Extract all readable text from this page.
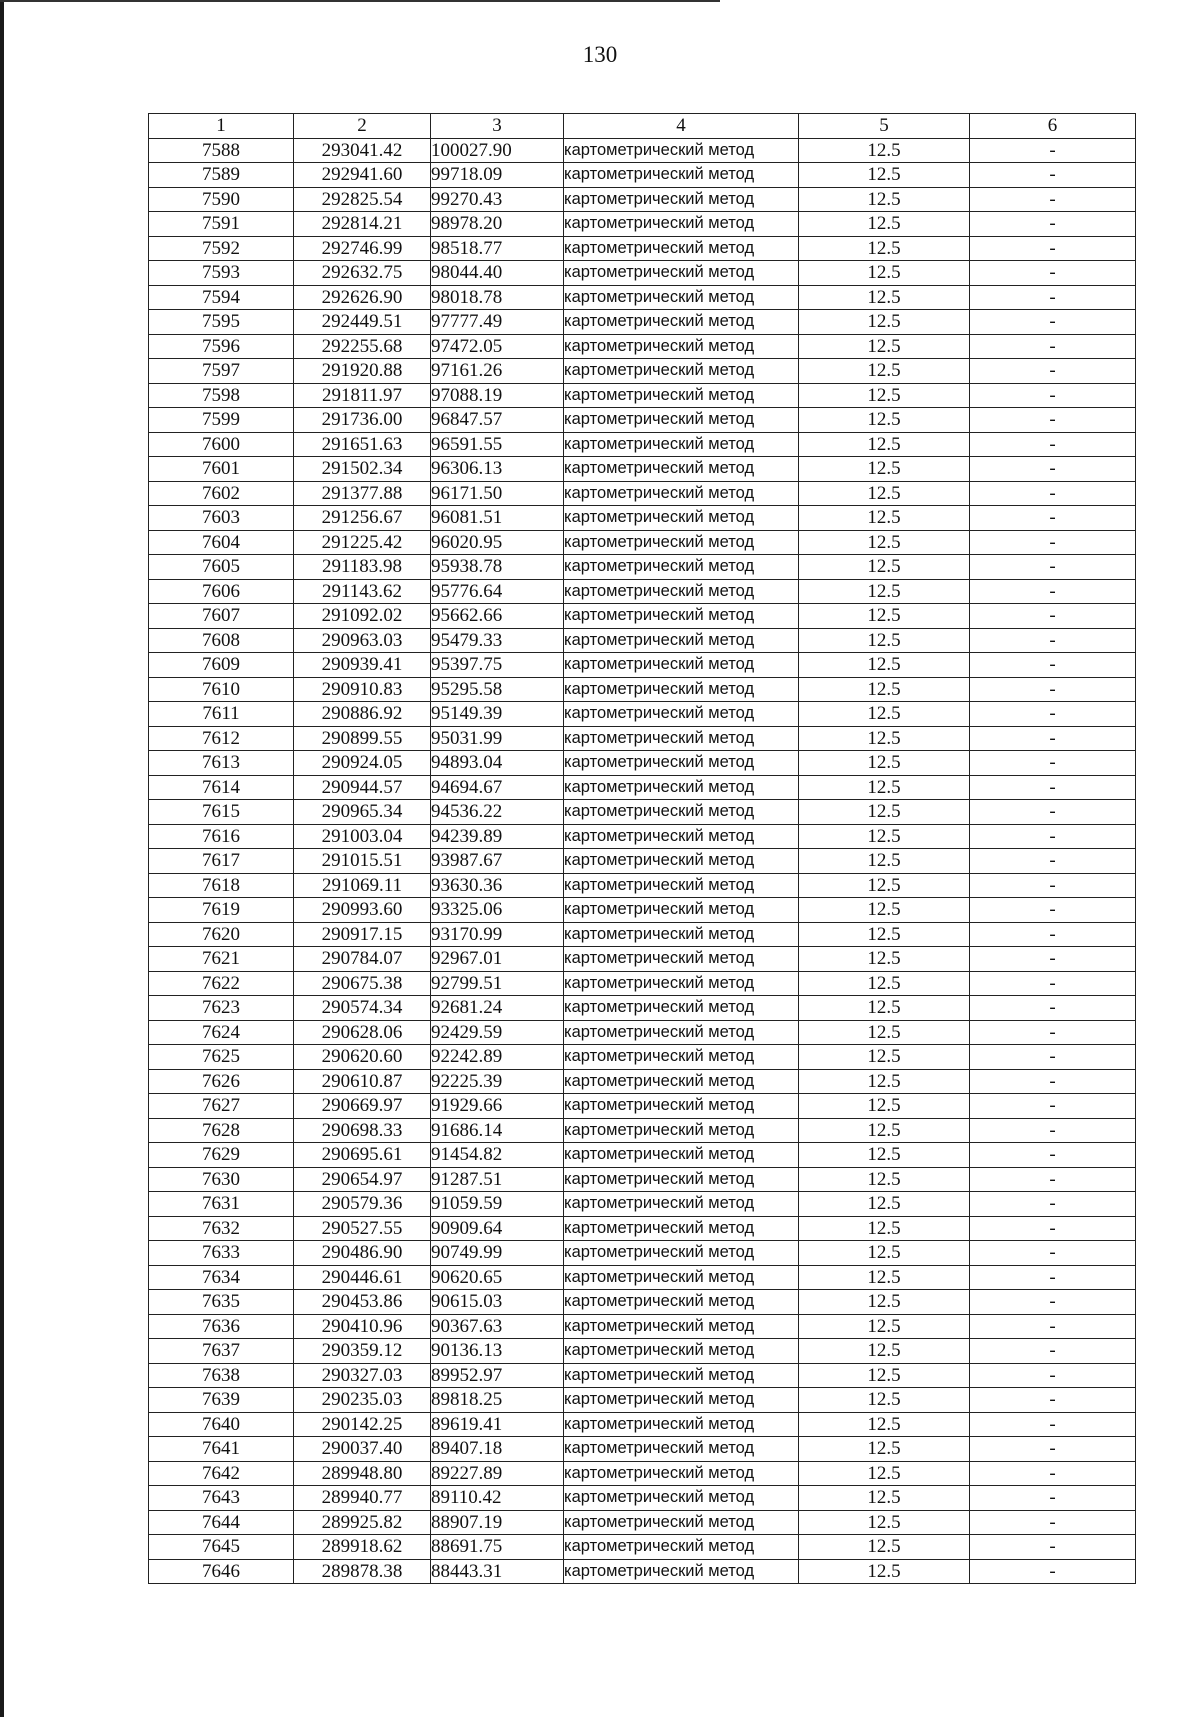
130
1	2	3	4	5	6
7588	293041.42	100027.90	картометрический метод	12.5	-
7589	292941.60	99718.09	картометрический метод	12.5	-
7590	292825.54	99270.43	картометрический метод	12.5	-
7591	292814.21	98978.20	картометрический метод	12.5	-
7592	292746.99	98518.77	картометрический метод	12.5	-
7593	292632.75	98044.40	картометрический метод	12.5	-
7594	292626.90	98018.78	картометрический метод	12.5	-
7595	292449.51	97777.49	картометрический метод	12.5	-
7596	292255.68	97472.05	картометрический метод	12.5	-
7597	291920.88	97161.26	картометрический метод	12.5	-
7598	291811.97	97088.19	картометрический метод	12.5	-
7599	291736.00	96847.57	картометрический метод	12.5	-
7600	291651.63	96591.55	картометрический метод	12.5	-
7601	291502.34	96306.13	картометрический метод	12.5	-
7602	291377.88	96171.50	картометрический метод	12.5	-
7603	291256.67	96081.51	картометрический метод	12.5	-
7604	291225.42	96020.95	картометрический метод	12.5	-
7605	291183.98	95938.78	картометрический метод	12.5	-
7606	291143.62	95776.64	картометрический метод	12.5	-
7607	291092.02	95662.66	картометрический метод	12.5	-
7608	290963.03	95479.33	картометрический метод	12.5	-
7609	290939.41	95397.75	картометрический метод	12.5	-
7610	290910.83	95295.58	картометрический метод	12.5	-
7611	290886.92	95149.39	картометрический метод	12.5	-
7612	290899.55	95031.99	картометрический метод	12.5	-
7613	290924.05	94893.04	картометрический метод	12.5	-
7614	290944.57	94694.67	картометрический метод	12.5	-
7615	290965.34	94536.22	картометрический метод	12.5	-
7616	291003.04	94239.89	картометрический метод	12.5	-
7617	291015.51	93987.67	картометрический метод	12.5	-
7618	291069.11	93630.36	картометрический метод	12.5	-
7619	290993.60	93325.06	картометрический метод	12.5	-
7620	290917.15	93170.99	картометрический метод	12.5	-
7621	290784.07	92967.01	картометрический метод	12.5	-
7622	290675.38	92799.51	картометрический метод	12.5	-
7623	290574.34	92681.24	картометрический метод	12.5	-
7624	290628.06	92429.59	картометрический метод	12.5	-
7625	290620.60	92242.89	картометрический метод	12.5	-
7626	290610.87	92225.39	картометрический метод	12.5	-
7627	290669.97	91929.66	картометрический метод	12.5	-
7628	290698.33	91686.14	картометрический метод	12.5	-
7629	290695.61	91454.82	картометрический метод	12.5	-
7630	290654.97	91287.51	картометрический метод	12.5	-
7631	290579.36	91059.59	картометрический метод	12.5	-
7632	290527.55	90909.64	картометрический метод	12.5	-
7633	290486.90	90749.99	картометрический метод	12.5	-
7634	290446.61	90620.65	картометрический метод	12.5	-
7635	290453.86	90615.03	картометрический метод	12.5	-
7636	290410.96	90367.63	картометрический метод	12.5	-
7637	290359.12	90136.13	картометрический метод	12.5	-
7638	290327.03	89952.97	картометрический метод	12.5	-
7639	290235.03	89818.25	картометрический метод	12.5	-
7640	290142.25	89619.41	картометрический метод	12.5	-
7641	290037.40	89407.18	картометрический метод	12.5	-
7642	289948.80	89227.89	картометрический метод	12.5	-
7643	289940.77	89110.42	картометрический метод	12.5	-
7644	289925.82	88907.19	картометрический метод	12.5	-
7645	289918.62	88691.75	картометрический метод	12.5	-
7646	289878.38	88443.31	картометрический метод	12.5	-
